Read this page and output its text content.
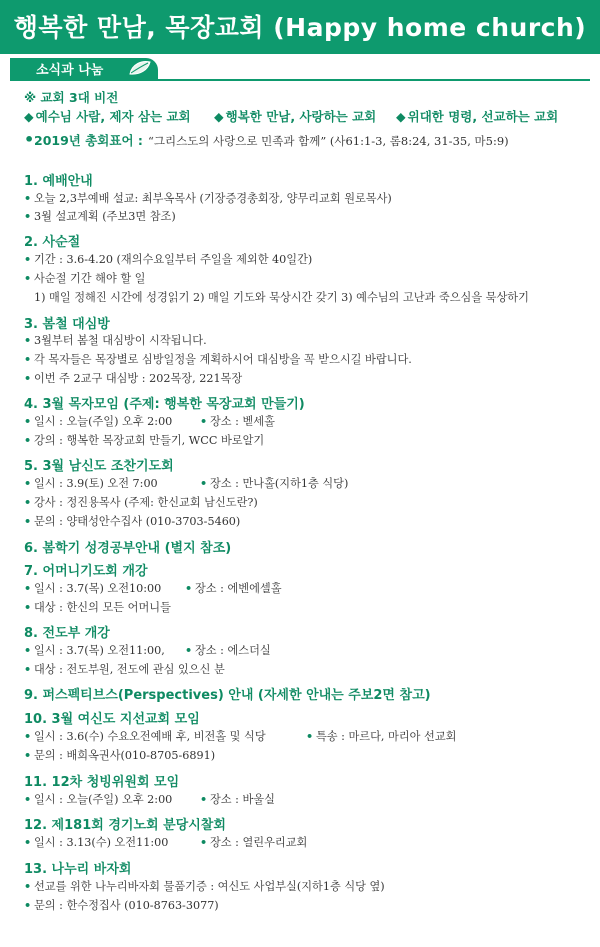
행복한 만남, 목장교회 (Happy home church)
소식과 나눔
※ 교회 3대 비전
◆ 예수님 사람, 제자 삼는 교회 ◆ 행복한 만남, 사랑하는 교회 ◆ 위대한 명령, 선교하는 교회
•2019년 총회표어 : “그리스도의 사랑으로 민족과 함께” (사61:1-3, 롬8:24, 31-35, 마5:9)
1. 예배안내
• 오늘 2,3부예배 설교: 최부옥목사 (기장증경총회장, 양무리교회 원로목사)
• 3월 설교계획 (주보3면 참조)
2. 사순절
• 기간 : 3.6-4.20 (재의수요일부터 주일을 제외한 40일간)
• 사순절 기간 해야 할 일
1) 매일 정해진 시간에 성경읽기 2) 매일 기도와 묵상시간 갖기 3) 예수님의 고난과 죽으심을 묵상하기
3. 봄철 대심방
• 3월부터 봄철 대심방이 시작됩니다.
• 각 목자들은 목장별로 심방일정을 계획하시어 대심방을 꼭 받으시길 바랍니다.
• 이번 주 2교구 대심방 : 202목장, 221목장
4. 3월 목자모임 (주제: 행복한 목장교회 만들기)
• 일시 : 오늘(주일) 오후 2:00 • 장소 : 벧세홀
• 강의 : 행복한 목장교회 만들기, WCC 바로알기
5. 3월 남신도 조찬기도회
• 일시 : 3.9(토) 오전 7:00	• 장소 : 만나홀(지하1층 식당)
• 강사 : 정진용목사 (주제: 한신교회 남신도란?)
• 문의 : 양태성안수집사 (010-3703-5460)
6. 봄학기 성경공부안내 (별지 참조)
7. 어머니기도회 개강
• 일시 : 3.7(목) 오전10:00 • 장소 : 에벤에셀홀
• 대상 : 한신의 모든 어머니들
8. 전도부 개강
• 일시 : 3.7(목) 오전11:00, • 장소 : 에스더실
• 대상 : 전도부원, 전도에 관심 있으신 분
9. 퍼스펙티브스(Perspectives) 안내 (자세한 안내는 주보2면 참고)
10. 3월 여신도 지선교회 모임
• 일시 : 3.6(수) 수요오전예배 후, 비전홀 및 식당	• 특송 : 마르다, 마리아 선교회
• 문의 : 배희옥권사(010-8705-6891)
11. 12차 청빙위원회 모임
• 일시 : 오늘(주일) 오후 2:00 • 장소 : 바울실
12. 제181회 경기노회 분당시찰회
• 일시 : 3.13(수) 오전11:00	• 장소 : 열린우리교회
13. 나누리 바자회
• 선교를 위한 나누리바자회 물품기증 : 여신도 사업부실(지하1층 식당 옆)
• 문의 : 한수정집사 (010-8763-3077)
